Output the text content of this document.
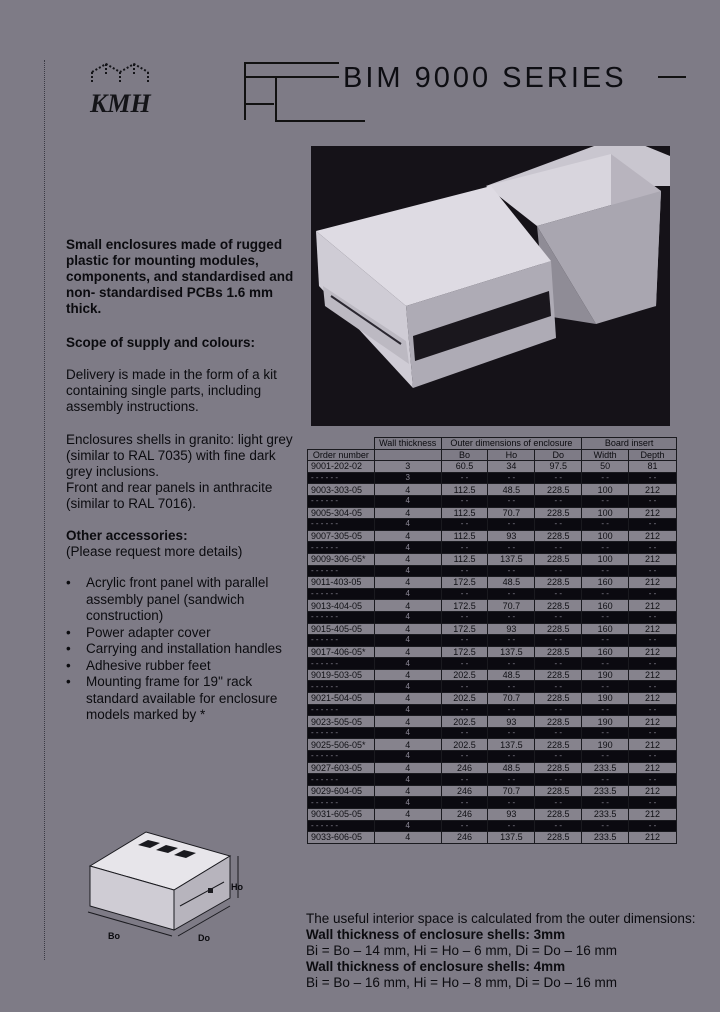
KMH
BIM 9000 SERIES
Small enclosures made of rugged plastic for mounting modules, components, and standardised and non- standardised PCBs 1.6 mm thick.
Scope of supply and colours:
Delivery is made in the form of a kit containing single parts, including assembly instructions.
Enclosures shells in granito: light grey
(similar to RAL 7035) with fine dark
grey inclusions.
Front and rear panels in anthracite
(similar to RAL 7016).
Other accessories:
(Please request more details)
• Acrylic front panel with parallel assembly panel (sandwich construction)
• Power adapter cover
• Carrying and installation handles
• Adhesive rubber feet
• Mounting frame for 19" rack standard available for enclosure models marked by *
	Wall thickness	Outer dimensions of enclosure			Board insert	
Order number		Bo	Ho	Do	Width	Depth
9001-202-02	3	60.5	34	97.5	50	81
- - - - - -	3	- -	- -	- -	- -	- -
9003-303-05	4	112.5	48.5	228.5	100	212
- - - - - -	4	- -	- -	- -	- -	- -
9005-304-05	4	112.5	70.7	228.5	100	212
- - - - - -	4	- -	- -	- -	- -	- -
9007-305-05	4	112.5	93	228.5	100	212
- - - - - -	4	- -	- -	- -	- -	- -
9009-306-05*	4	112.5	137.5	228.5	100	212
- - - - - -	4	- -	- -	- -	- -	- -
9011-403-05	4	172.5	48.5	228.5	160	212
- - - - - -	4	- -	- -	- -	- -	- -
9013-404-05	4	172.5	70.7	228.5	160	212
- - - - - -	4	- -	- -	- -	- -	- -
9015-405-05	4	172.5	93	228.5	160	212
- - - - - -	4	- -	- -	- -	- -	- -
9017-406-05*	4	172.5	137.5	228.5	160	212
- - - - - -	4	- -	- -	- -	- -	- -
9019-503-05	4	202.5	48.5	228.5	190	212
- - - - - -	4	- -	- -	- -	- -	- -
9021-504-05	4	202.5	70.7	228.5	190	212
- - - - - -	4	- -	- -	- -	- -	- -
9023-505-05	4	202.5	93	228.5	190	212
- - - - - -	4	- -	- -	- -	- -	- -
9025-506-05*	4	202.5	137.5	228.5	190	212
- - - - - -	4	- -	- -	- -	- -	- -
9027-603-05	4	246	48.5	228.5	233.5	212
- - - - - -	4	- -	- -	- -	- -	- -
9029-604-05	4	246	70.7	228.5	233.5	212
- - - - - -	4	- -	- -	- -	- -	- -
9031-605-05	4	246	93	228.5	233.5	212
- - - - - -	4	- -	- -	- -	- -	- -
9033-606-05	4	246	137.5	228.5	233.5	212
Ho
Bo	Do
The useful interior space is calculated from the outer dimensions:
Wall thickness of enclosure shells: 3mm
Bi = Bo – 14 mm, Hi = Ho – 6 mm, Di = Do – 16 mm
Wall thickness of enclosure shells: 4mm
Bi = Bo – 16 mm, Hi = Ho – 8 mm, Di = Do – 16 mm
